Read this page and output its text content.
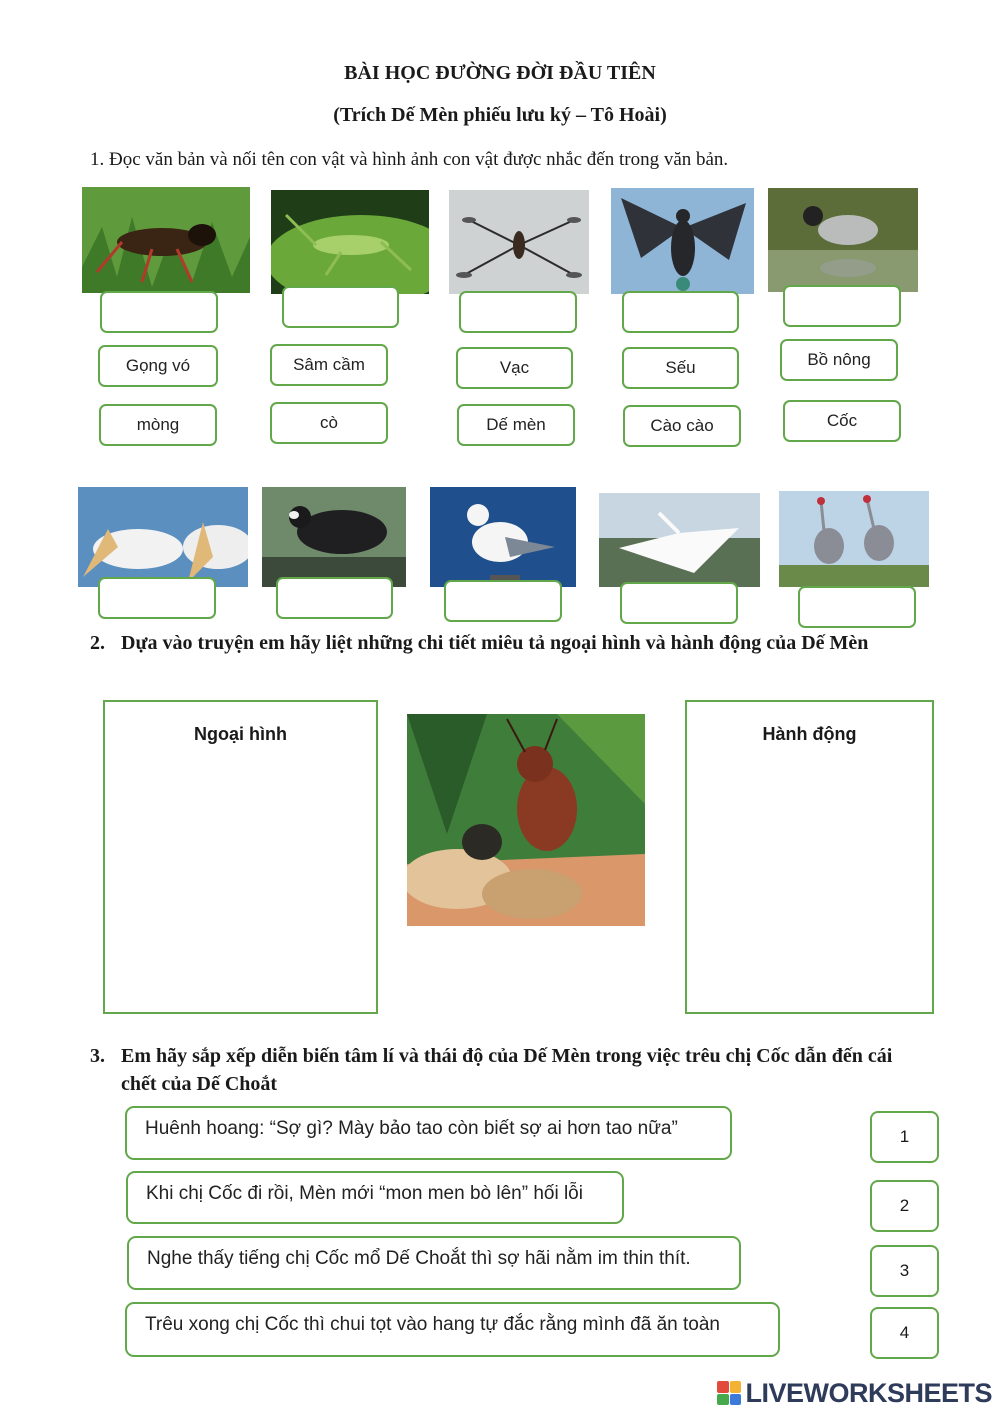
BÀI HỌC ĐƯỜNG ĐỜI ĐẦU TIÊN
(Trích Dế Mèn phiếu lưu ký – Tô Hoài)
1. Đọc văn bản và nối tên con vật và hình ảnh con vật được nhắc đến trong văn bản.
Gọng vó	Sâm cầm	Vạc	Sếu	Bồ nông
mòng	cò	Dế mèn	Cào cào	Cốc
2. Dựa vào truyện em hãy liệt những chi tiết miêu tả ngoại hình và hành động của Dế Mèn
Ngoại hình	Hành động
3. Em hãy sắp xếp diễn biến tâm lí và thái độ của Dế Mèn trong việc trêu chị Cốc dẫn đến cái chết của Dế Choắt
Huênh hoang: “Sợ gì? Mày bảo tao còn biết sợ ai hơn tao nữa”
Khi chị Cốc đi rồi, Mèn mới “mon men bò lên” hối lỗi
Nghe thấy tiếng chị Cốc mổ Dế Choắt thì sợ hãi nằm im thin thít.
Trêu xong chị Cốc thì chui tọt vào hang tự đắc rằng mình đã ăn toàn
1
2
3
4
LIVEWORKSHEETS
